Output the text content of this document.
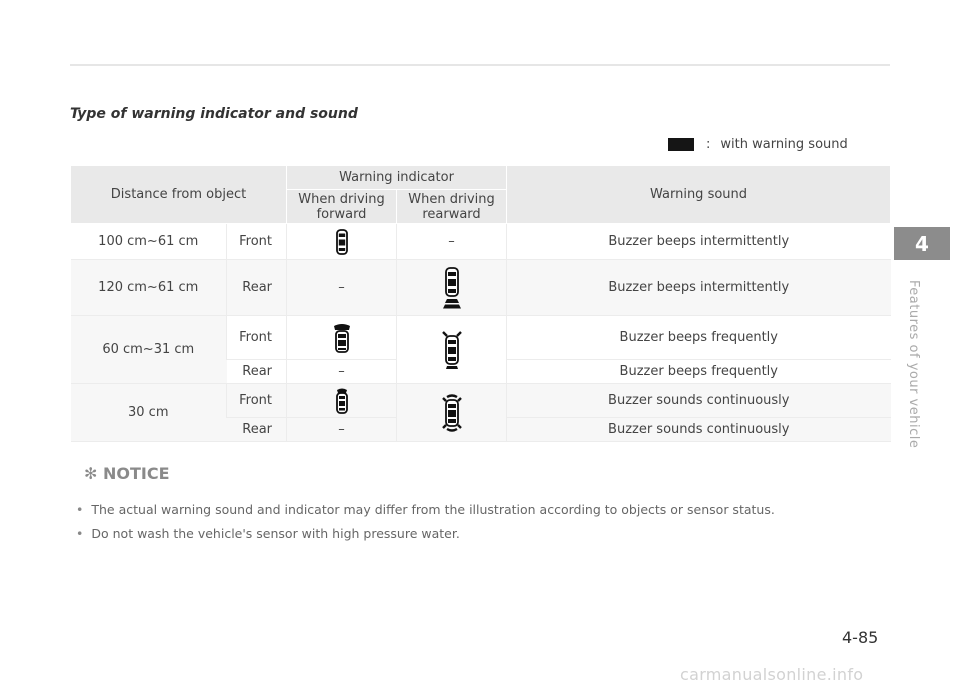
Type of warning indicator and sound
: with warning sound
Distance from object		Warning indicator		Warning sound
		When driving forward	When driving rearward	
100 cm~61 cm	Front		–	Buzzer beeps intermittently
120 cm~61 cm	Rear	–		Buzzer beeps intermittently
60 cm~31 cm	Front			Buzzer beeps frequently
	Rear	–		Buzzer beeps frequently
30 cm	Front			Buzzer sounds continuously
	Rear	–		Buzzer sounds continuously
✻ NOTICE
• The actual warning sound and indicator may differ from the illustration according to objects or sensor status.
• Do not wash the vehicle's sensor with high pressure water.
4

Features of your vehicle

4-85
carmanualsonline.info
